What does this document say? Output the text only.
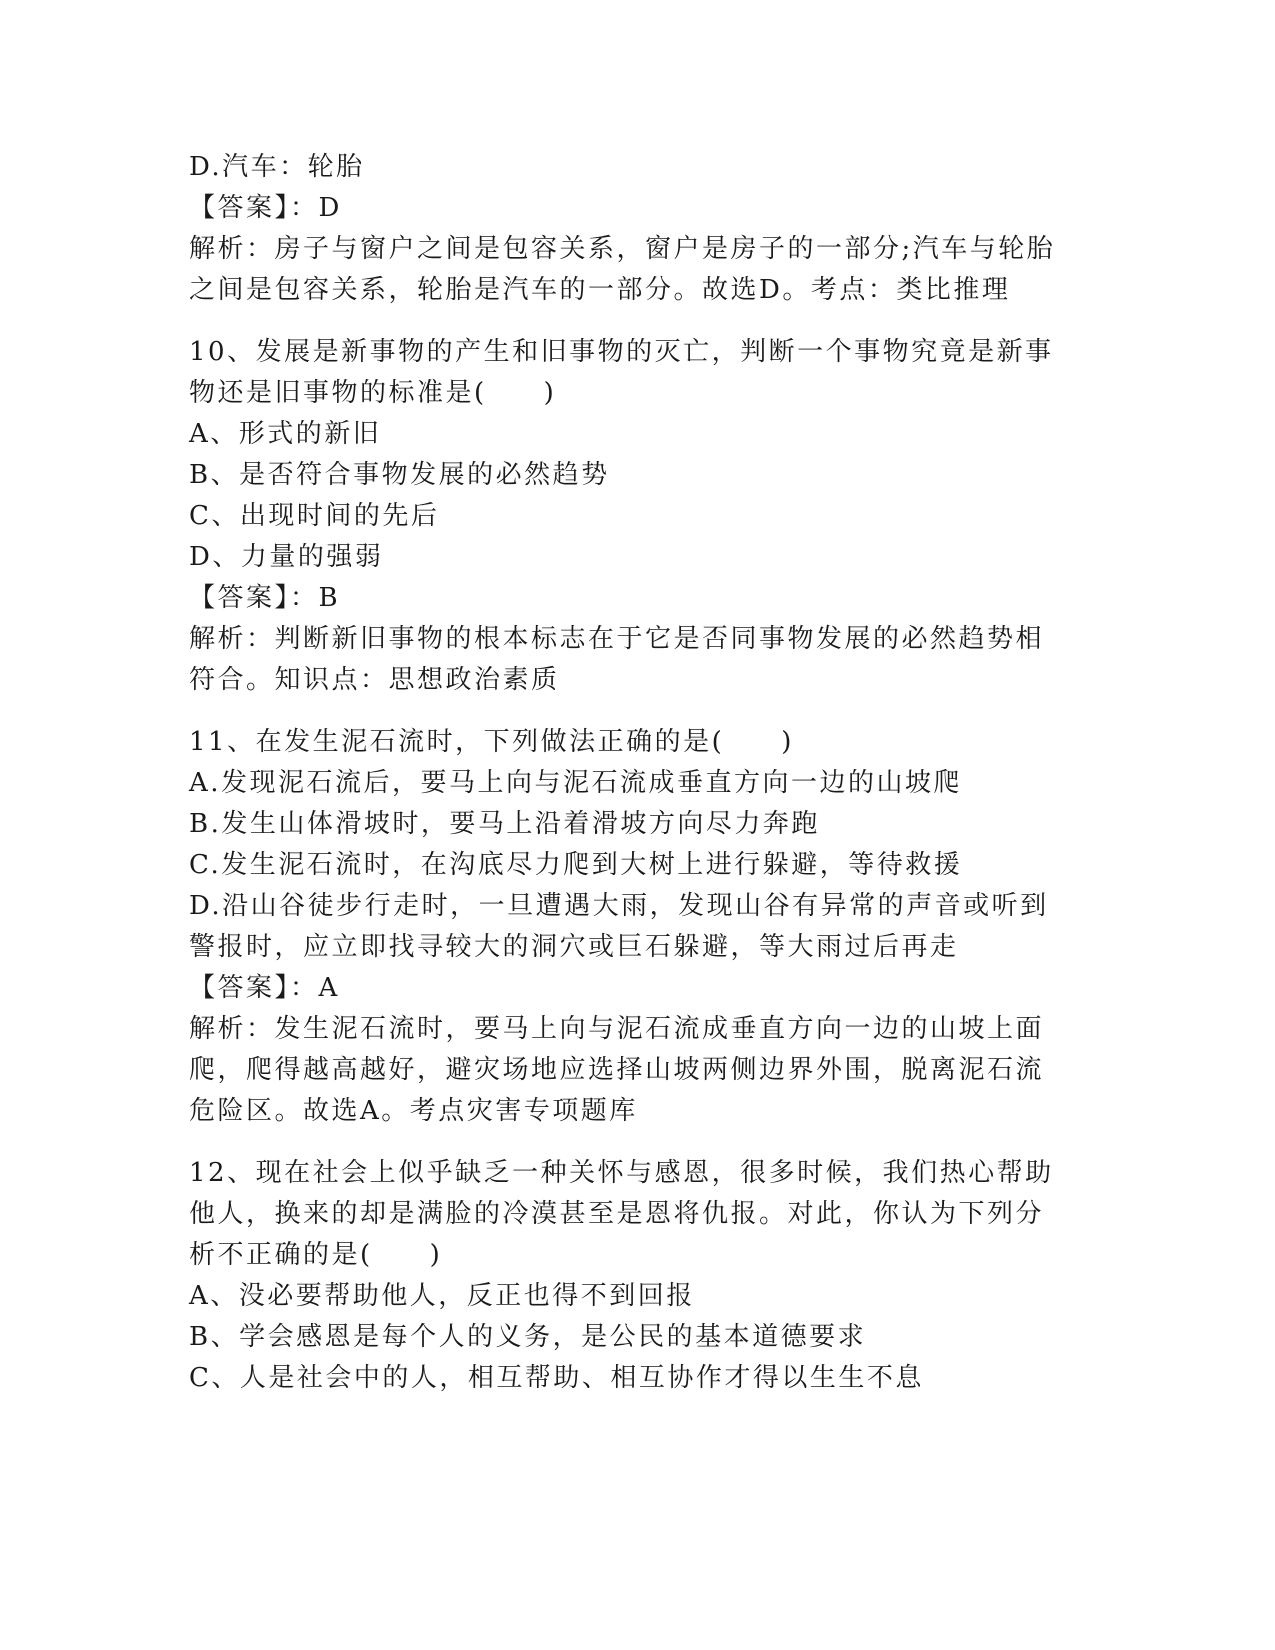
D.汽车：轮胎
【答案】：D
解析：房子与窗户之间是包容关系，窗户是房子的一部分;汽车与轮胎
之间是包容关系，轮胎是汽车的一部分。故选D。考点：类比推理
10、发展是新事物的产生和旧事物的灭亡，判断一个事物究竟是新事
物还是旧事物的标准是(　　)
A、形式的新旧
B、是否符合事物发展的必然趋势
C、出现时间的先后
D、力量的强弱
【答案】：B
解析：判断新旧事物的根本标志在于它是否同事物发展的必然趋势相
符合。知识点：思想政治素质
11、在发生泥石流时，下列做法正确的是(　　)
A.发现泥石流后，要马上向与泥石流成垂直方向一边的山坡爬
B.发生山体滑坡时，要马上沿着滑坡方向尽力奔跑
C.发生泥石流时，在沟底尽力爬到大树上进行躲避，等待救援
D.沿山谷徒步行走时，一旦遭遇大雨，发现山谷有异常的声音或听到
警报时，应立即找寻较大的洞穴或巨石躲避，等大雨过后再走
【答案】：A
解析：发生泥石流时，要马上向与泥石流成垂直方向一边的山坡上面
爬，爬得越高越好，避灾场地应选择山坡两侧边界外围，脱离泥石流
危险区。故选A。考点灾害专项题库
12、现在社会上似乎缺乏一种关怀与感恩，很多时候，我们热心帮助
他人，换来的却是满脸的冷漠甚至是恩将仇报。对此，你认为下列分
析不正确的是(　　)
A、没必要帮助他人，反正也得不到回报
B、学会感恩是每个人的义务，是公民的基本道德要求
C、人是社会中的人，相互帮助、相互协作才得以生生不息
